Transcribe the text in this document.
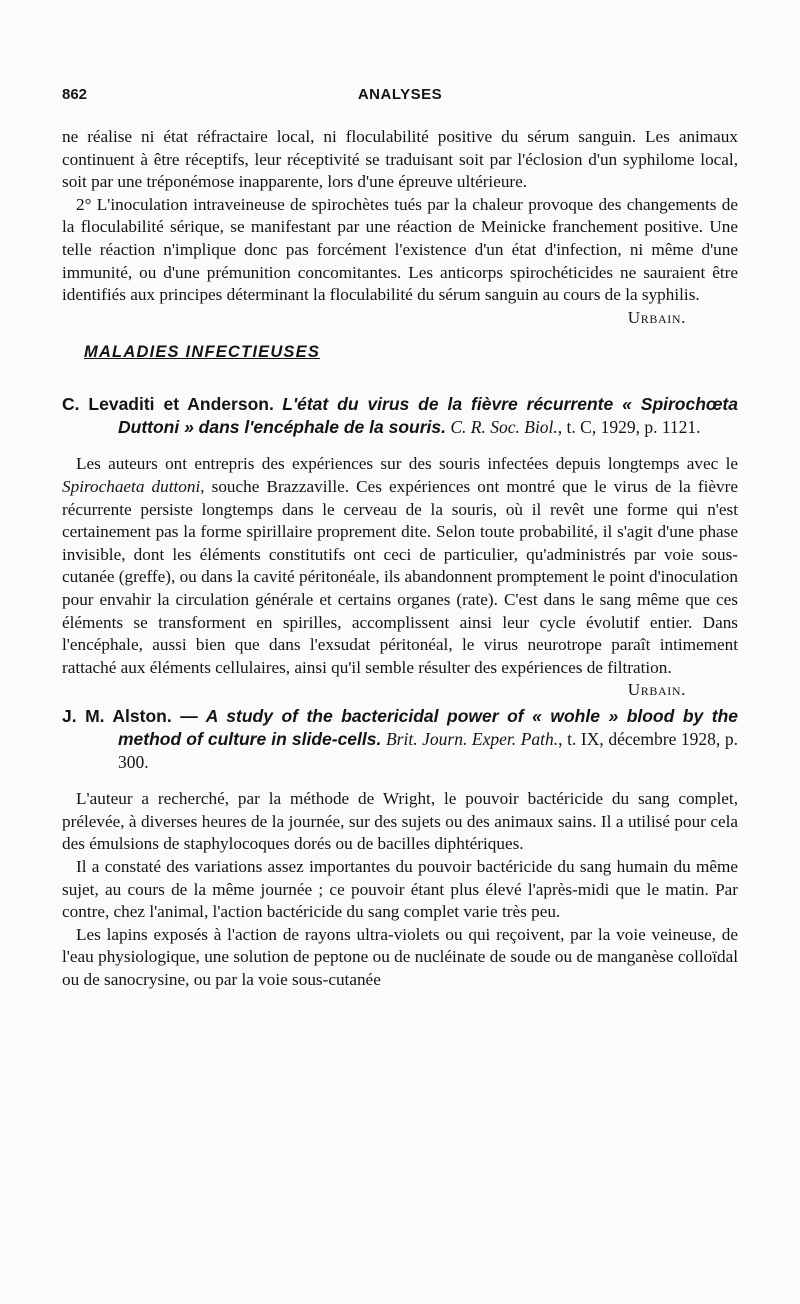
862	ANALYSES

ne réalise ni état réfractaire local, ni floculabilité positive du sérum sanguin. Les animaux continuent à être réceptifs, leur réceptivité se traduisant soit par l'éclosion d'un syphilome local, soit par une tréponémose inapparente, lors d'une épreuve ultérieure.

2° L'inoculation intraveineuse de spirochètes tués par la chaleur provoque des changements de la floculabilité sérique, se manifestant par une réaction de Meinicke franchement positive. Une telle réaction n'implique donc pas forcément l'existence d'un état d'infection, ni même d'une immunité, ou d'une prémunition concomitantes. Les anticorps spirochéticides ne sauraient être identifiés aux principes déterminant la floculabilité du sérum sanguin au cours de la syphilis.
Urbain.

MALADIES INFECTIEUSES
C. Levaditi et Anderson. L'état du virus de la fièvre récurrente « Spirochœta Duttoni » dans l'encéphale de la souris. C. R. Soc. Biol., t. C, 1929, p. 1121.

Les auteurs ont entrepris des expériences sur des souris infectées depuis longtemps avec le Spirochaeta duttoni, souche Brazzaville. Ces expériences ont montré que le virus de la fièvre récurrente persiste longtemps dans le cerveau de la souris, où il revêt une forme qui n'est certainement pas la forme spirillaire proprement dite. Selon toute probabilité, il s'agit d'une phase invisible, dont les éléments constitutifs ont ceci de particulier, qu'administrés par voie sous-cutanée (greffe), ou dans la cavité péritonéale, ils abandonnent promptement le point d'inoculation pour envahir la circulation générale et certains organes (rate). C'est dans le sang même que ces éléments se transforment en spirilles, accomplissent ainsi leur cycle évolutif entier. Dans l'encéphale, aussi bien que dans l'exsudat péritonéal, le virus neurotrope paraît intimement rattaché aux éléments cellulaires, ainsi qu'il semble résulter des expériences de filtration.
Urbain.

J. M. Alston. — A study of the bactericidal power of « wohle » blood by the method of culture in slide-cells. Brit. Journ. Exper. Path., t. IX, décembre 1928, p. 300.

L'auteur a recherché, par la méthode de Wright, le pouvoir bactéricide du sang complet, prélevée, à diverses heures de la journée, sur des sujets ou des animaux sains. Il a utilisé pour cela des émulsions de staphylocoques dorés ou de bacilles diphtériques.

Il a constaté des variations assez importantes du pouvoir bactéricide du sang humain du même sujet, au cours de la même journée ; ce pouvoir étant plus élevé l'après-midi que le matin. Par contre, chez l'animal, l'action bactéricide du sang complet varie très peu.

Les lapins exposés à l'action de rayons ultra-violets ou qui reçoivent, par la voie veineuse, de l'eau physiologique, une solution de peptone ou de nucléinate de soude ou de manganèse colloïdal ou de sanocrysine, ou par la voie sous-cutanée
